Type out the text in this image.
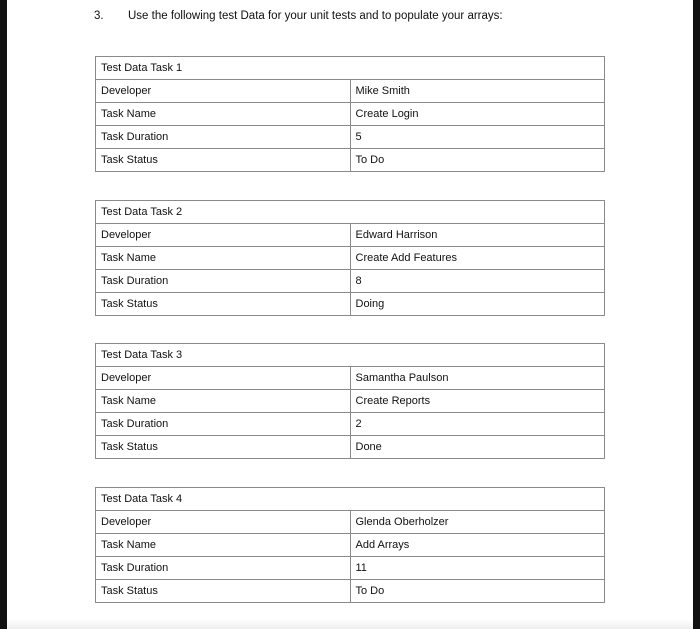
3. Use the following test Data for your unit tests and to populate your arrays:
Test Data Task 1	
Developer	Mike Smith
Task Name	Create Login
Task Duration	5
Task Status	To Do
Test Data Task 2	
Developer	Edward Harrison
Task Name	Create Add Features
Task Duration	8
Task Status	Doing
Test Data Task 3	
Developer	Samantha Paulson
Task Name	Create Reports
Task Duration	2
Task Status	Done
Test Data Task 4	
Developer	Glenda Oberholzer
Task Name	Add Arrays
Task Duration	11
Task Status	To Do
